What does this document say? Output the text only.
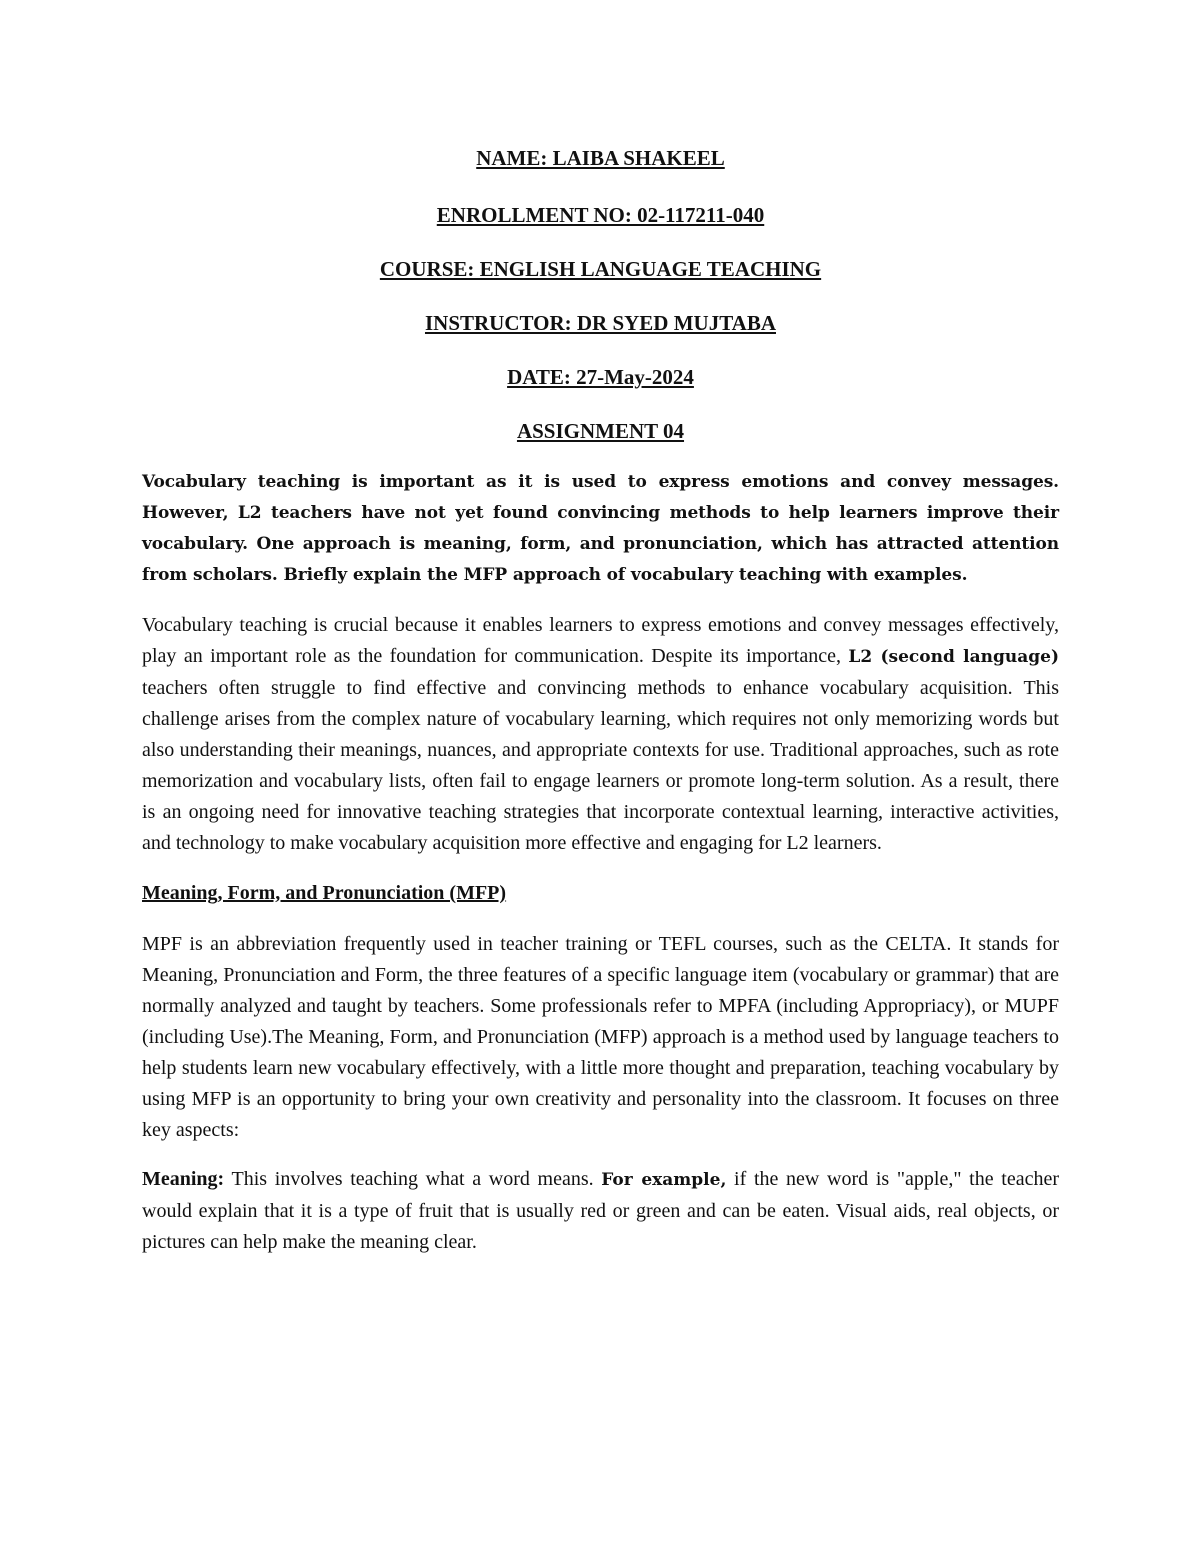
NAME: LAIBA SHAKEEL

ENROLLMENT NO: 02-117211-040

COURSE: ENGLISH LANGUAGE TEACHING

INSTRUCTOR: DR SYED MUJTABA

DATE: 27-May-2024

ASSIGNMENT 04

Vocabulary teaching is important as it is used to express emotions and convey messages. However, L2 teachers have not yet found convincing methods to help learners improve their vocabulary. One approach is meaning, form, and pronunciation, which has attracted attention from scholars. Briefly explain the MFP approach of vocabulary teaching with examples.

Vocabulary teaching is crucial because it enables learners to express emotions and convey messages effectively, play an important role as the foundation for communication. Despite its importance, L2 (second language) teachers often struggle to find effective and convincing methods to enhance vocabulary acquisition. This challenge arises from the complex nature of vocabulary learning, which requires not only memorizing words but also understanding their meanings, nuances, and appropriate contexts for use. Traditional approaches, such as rote memorization and vocabulary lists, often fail to engage learners or promote long-term solution. As a result, there is an ongoing need for innovative teaching strategies that incorporate contextual learning, interactive activities, and technology to make vocabulary acquisition more effective and engaging for L2 learners.

Meaning, Form, and Pronunciation (MFP)

MPF is an abbreviation frequently used in teacher training or TEFL courses, such as the CELTA. It stands for Meaning, Pronunciation and Form, the three features of a specific language item (vocabulary or grammar) that are normally analyzed and taught by teachers. Some professionals refer to MPFA (including Appropriacy), or MUPF (including Use).The Meaning, Form, and Pronunciation (MFP) approach is a method used by language teachers to help students learn new vocabulary effectively, with a little more thought and preparation, teaching vocabulary by using MFP is an opportunity to bring your own creativity and personality into the classroom. It focuses on three key aspects:

Meaning: This involves teaching what a word means. For example, if the new word is "apple," the teacher would explain that it is a type of fruit that is usually red or green and can be eaten. Visual aids, real objects, or pictures can help make the meaning clear.
